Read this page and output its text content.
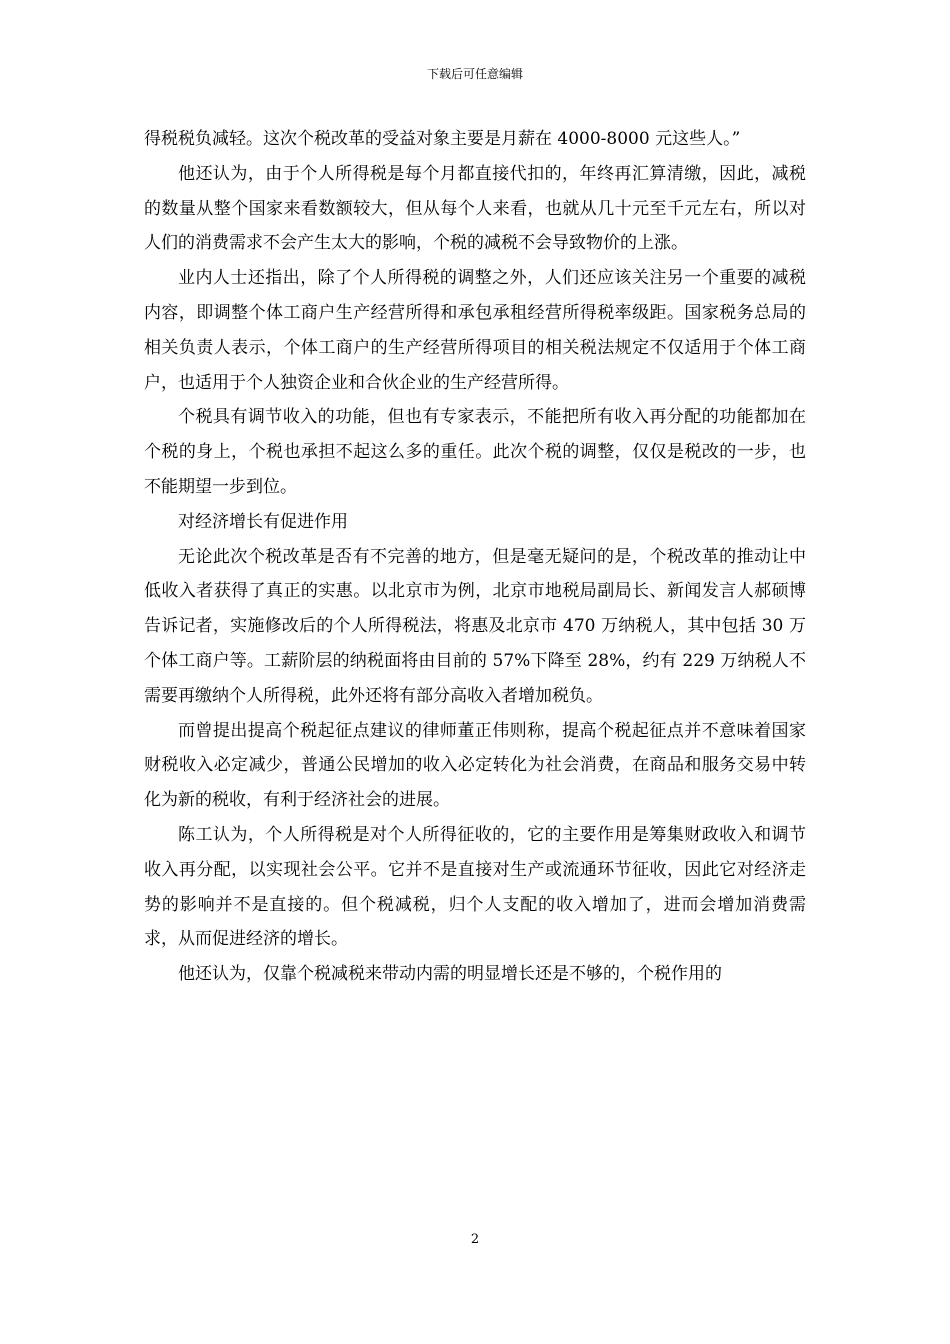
下载后可任意编辑

得税税负减轻。这次个税改革的受益对象主要是月薪在 4000-8000 元这些人。”

他还认为，由于个人所得税是每个月都直接代扣的，年终再汇算清缴，因此，减税的数量从整个国家来看数额较大，但从每个人来看，也就从几十元至千元左右，所以对人们的消费需求不会产生太大的影响，个税的减税不会导致物价的上涨。

业内人士还指出，除了个人所得税的调整之外，人们还应该关注另一个重要的减税内容，即调整个体工商户生产经营所得和承包承租经营所得税率级距。国家税务总局的相关负责人表示，个体工商户的生产经营所得项目的相关税法规定不仅适用于个体工商户，也适用于个人独资企业和合伙企业的生产经营所得。

个税具有调节收入的功能，但也有专家表示，不能把所有收入再分配的功能都加在个税的身上，个税也承担不起这么多的重任。此次个税的调整，仅仅是税改的一步，也不能期望一步到位。

对经济增长有促进作用

无论此次个税改革是否有不完善的地方，但是毫无疑问的是，个税改革的推动让中低收入者获得了真正的实惠。以北京市为例，北京市地税局副局长、新闻发言人郝硕博告诉记者，实施修改后的个人所得税法，将惠及北京市 470 万纳税人，其中包括 30 万个体工商户等。工薪阶层的纳税面将由目前的 57%下降至 28%，约有 229 万纳税人不需要再缴纳个人所得税，此外还将有部分高收入者增加税负。

而曾提出提高个税起征点建议的律师董正伟则称，提高个税起征点并不意味着国家财税收入必定减少，普通公民增加的收入必定转化为社会消费，在商品和服务交易中转化为新的税收，有利于经济社会的进展。

陈工认为，个人所得税是对个人所得征收的，它的主要作用是筹集财政收入和调节收入再分配，以实现社会公平。它并不是直接对生产或流通环节征收，因此它对经济走势的影响并不是直接的。但个税减税，归个人支配的收入增加了，进而会增加消费需求，从而促进经济的增长。

他还认为，仅靠个税减税来带动内需的明显增长还是不够的，个税作用的

2
